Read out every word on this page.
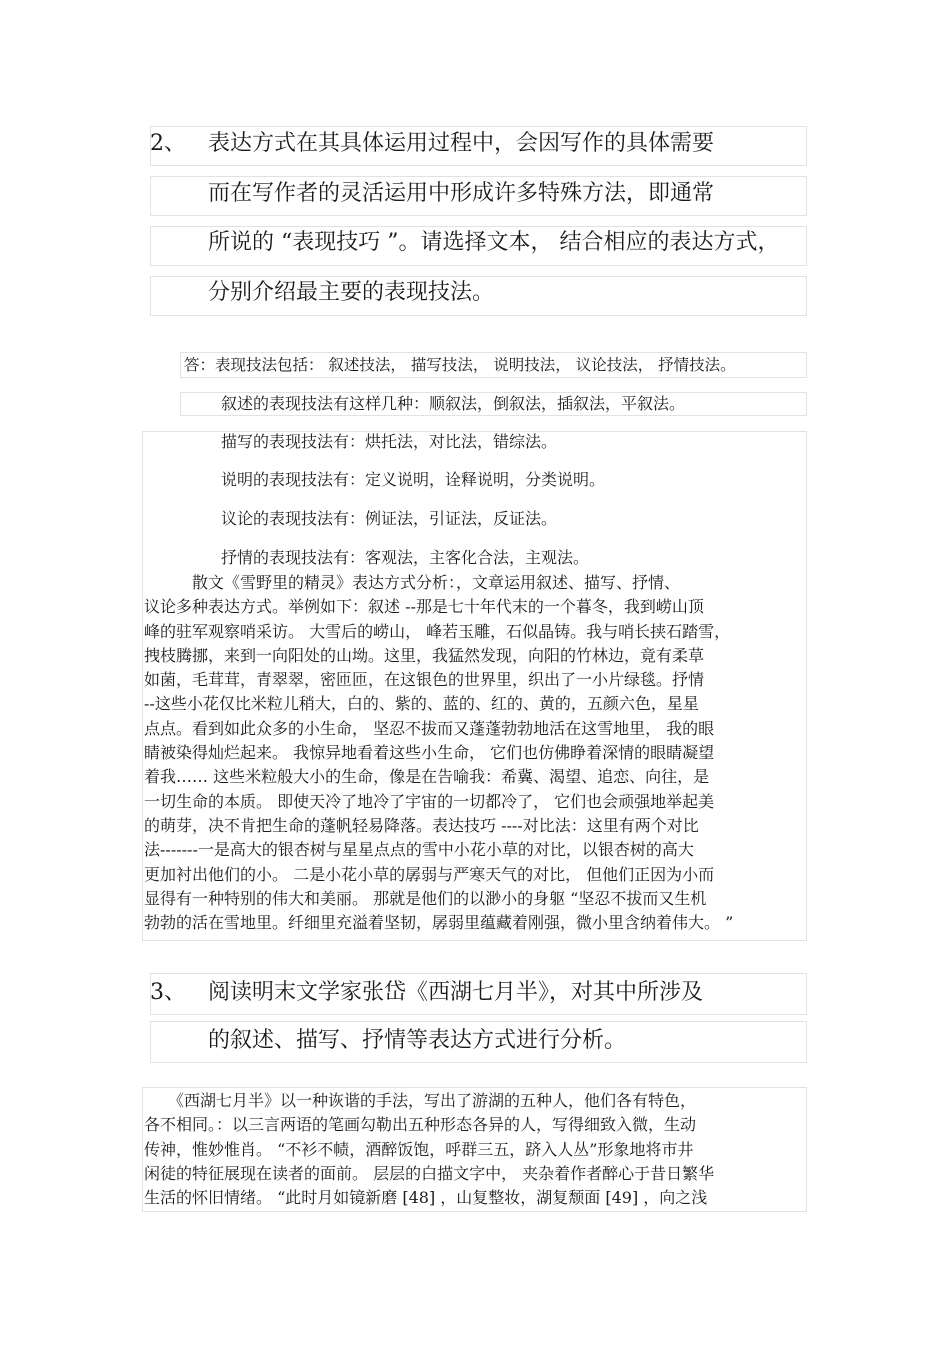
2、 表达方式在其具体运用过程中，会因写作的具体需要
而在写作者的灵活运用中形成许多特殊方法，即通常
所说的 “表现技巧 ”。请选择文本， 结合相应的表达方式，
分别介绍最主要的表现技法。
答：表现技法包括： 叙述技法， 描写技法， 说明技法， 议论技法， 抒情技法。
叙述的表现技法有这样几种：顺叙法，倒叙法，插叙法，平叙法。
描写的表现技法有：烘托法，对比法，错综法。
说明的表现技法有：定义说明，诠释说明，分类说明。
议论的表现技法有：例证法，引证法，反证法。
抒情的表现技法有：客观法，主客化合法，主观法。
　　　散文《雪野里的精灵》表达方式分析：，文章运用叙述、描写、抒情、
议论多种表达方式。举例如下：叙述 --那是七十年代末的一个暮冬，我到崂山顶
峰的驻军观察哨采访。 大雪后的崂山， 峰若玉雕，石似晶铸。我与哨长挟石踏雪，
拽枝腾挪，来到一向阳处的山坳。这里，我猛然发现，向阳的竹林边，竟有柔草
如菌，毛茸茸，青翠翠，密匝匝，在这银色的世界里，织出了一小片绿毯。抒情
--这些小花仅比米粒儿稍大，白的、紫的、蓝的、红的、黄的，五颜六色，星星
点点。看到如此众多的小生命， 坚忍不拔而又蓬蓬勃勃地活在这雪地里， 我的眼
睛被染得灿烂起来。 我惊异地看着这些小生命， 它们也仿佛睁着深情的眼睛凝望
着我…… 这些米粒般大小的生命，像是在告喻我：希冀、渴望、追恋、向往，是
一切生命的本质。 即使天冷了地冷了宇宙的一切都冷了， 它们也会顽强地举起美
的萌芽，决不肯把生命的蓬帆轻易降落。表达技巧 ----对比法：这里有两个对比
法-------一是高大的银杏树与星星点点的雪中小花小草的对比，以银杏树的高大
更加衬出他们的小。 二是小花小草的孱弱与严寒天气的对比， 但他们正因为小而
显得有一种特别的伟大和美丽。 那就是他们的以渺小的身躯 “坚忍不拔而又生机
勃勃的活在雪地里。纤细里充溢着坚韧，孱弱里蕴藏着刚强，微小里含纳着伟大。 ”
3、 阅读明末文学家张岱《西湖七月半》，对其中所涉及
的叙述、描写、抒情等表达方式进行分析。
　　《西湖七月半》以一种诙谐的手法，写出了游湖的五种人，他们各有特色，
各不相同。：以三言两语的笔画勾勒出五种形态各异的人，写得细致入微，生动
传神，惟妙惟肖。 “不衫不帻，酒醉饭饱，呼群三五，跻入人丛”形象地将市井
闲徒的特征展现在读者的面前。 层层的白描文字中， 夹杂着作者醉心于昔日繁华
生活的怀旧情绪。 “此时月如镜新磨 [48] ，山复整妆，湖复颓面 [49] ，向之浅
